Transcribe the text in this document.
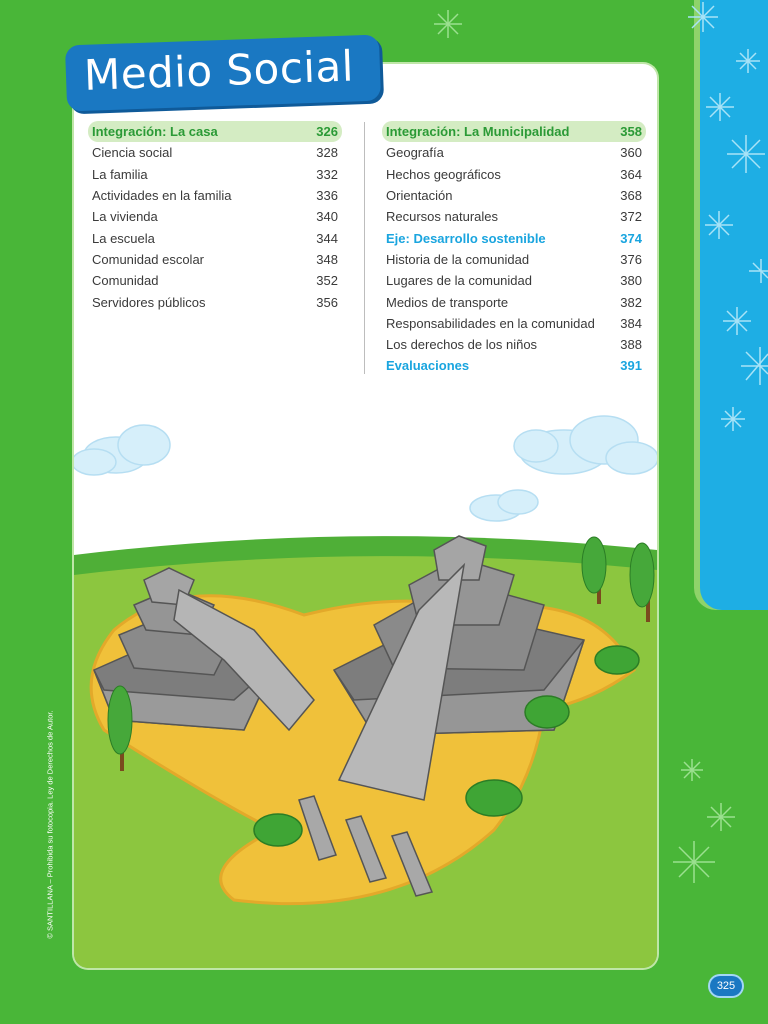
Medio Social
Integración: La casa	326
Ciencia social	328
La familia	332
Actividades en la familia	336
La vivienda	340
La escuela	344
Comunidad escolar	348
Comunidad	352
Servidores públicos	356
Integración: La Municipalidad	358
Geografía	360
Hechos geográficos	364
Orientación	368
Recursos naturales	372
Eje: Desarrollo sostenible	374
Historia de la comunidad	376
Lugares de la comunidad	380
Medios de transporte	382
Responsabilidades en la comunidad	384
Los derechos de los niños	388
Evaluaciones	391
© SANTILLANA – Prohibida su fotocopia. Ley de Derechos de Autor.
325
